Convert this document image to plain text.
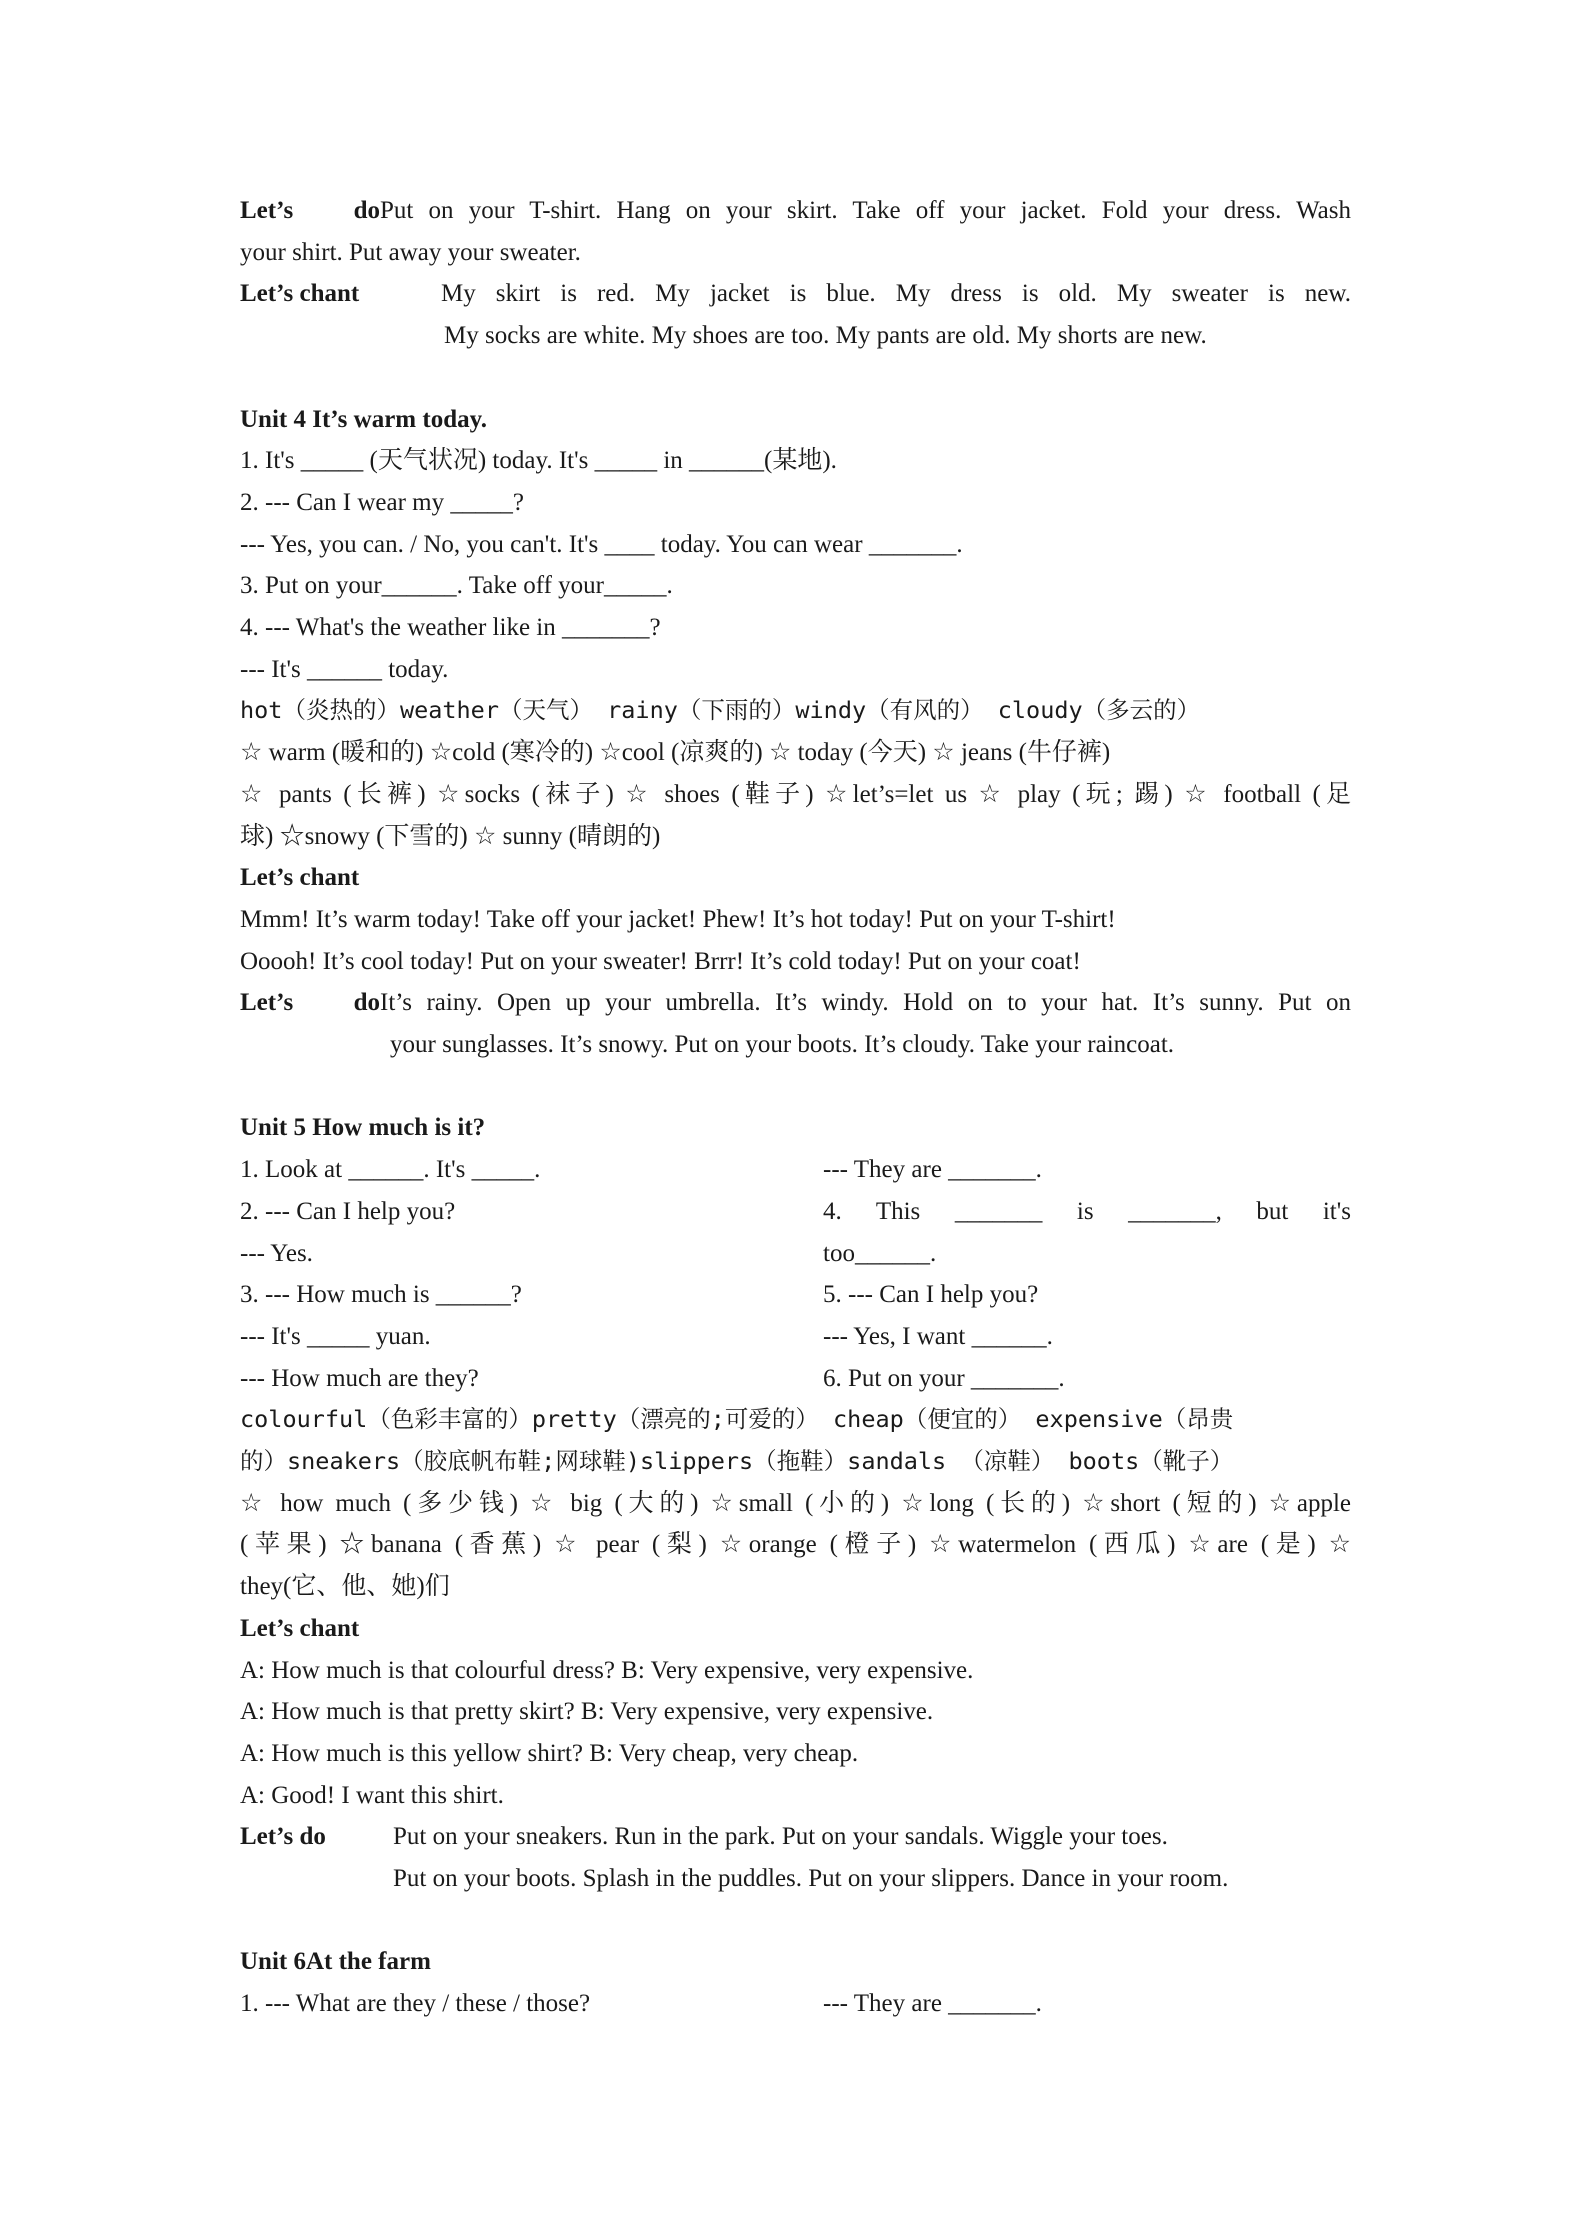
Let’s doPut on your T-shirt. Hang on your skirt. Take off your jacket. Fold your dress. Wash

your shirt. Put away your sweater.

Let’s chant	My skirt is red. My jacket is blue. My dress is old. My sweater is new.

My socks are white. My shoes are too. My pants are old. My shorts are new.

Unit 4 It’s warm today.

1. It's _____ (天气状况) today. It's _____ in ______(某地).

2. --- Can I wear my _____?

--- Yes, you can. / No, you can't. It's ____ today. You can wear _______.

3. Put on your______. Take off your_____.

4. --- What's the weather like in _______?

--- It's ______ today.

hot（炎热的）weather（天气） rainy（下雨的）windy（有风的） cloudy（多云的）

☆ warm (暖和的) ☆cold (寒冷的) ☆cool (凉爽的) ☆ today (今天) ☆ jeans (牛仔裤)

☆ pants (长裤) ☆socks (袜子) ☆ shoes (鞋子) ☆let’s=let us ☆ play (玩; 踢) ☆ football (足

球) ☆snowy (下雪的) ☆ sunny (晴朗的)

Let’s chant

Mmm! It’s warm today! Take off your jacket! Phew! It’s hot today! Put on your T-shirt!

Ooooh! It’s cool today! Put on your sweater! Brrr! It’s cold today! Put on your coat!

Let’s doIt’s rainy. Open up your umbrella. It’s windy. Hold on to your hat. It’s sunny. Put on

your sunglasses. It’s snowy. Put on your boots. It’s cloudy. Take your raincoat.

Unit 5 How much is it?

1. Look at ______. It's _____.

2. --- Can I help you?

--- Yes.

3. --- How much is ______?

--- It's _____ yuan.

--- How much are they?

--- They are _______.

4. This _______ is _______, but it's

too______.

5. --- Can I help you?

--- Yes, I want ______.

6. Put on your _______.

colourful（色彩丰富的）pretty（漂亮的;可爱的） cheap（便宜的） expensive（昂贵

的）sneakers（胶底帆布鞋;网球鞋)slippers（拖鞋）sandals （凉鞋） boots（靴子）

☆ how much (多少钱) ☆ big (大的) ☆small (小的) ☆long (长的) ☆short (短的) ☆apple

(苹果) ☆banana (香蕉) ☆ pear (梨) ☆orange (橙子) ☆watermelon (西瓜) ☆are (是) ☆

they(它、他、她)们

Let’s chant

A: How much is that colourful dress? B: Very expensive, very expensive.

A: How much is that pretty skirt? B: Very expensive, very expensive.

A: How much is this yellow shirt? B: Very cheap, very cheap.

A: Good! I want this shirt.

Let’s do	Put on your sneakers. Run in the park. Put on your sandals. Wiggle your toes.

Put on your boots. Splash in the puddles. Put on your slippers. Dance in your room.

Unit 6At the farm

1. --- What are they / these / those?	--- They are _______.
